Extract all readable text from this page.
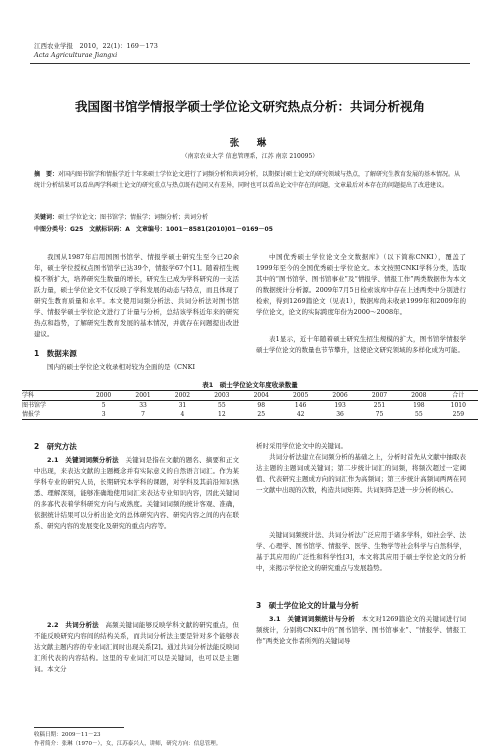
江西农业学报　2010，22(1)：169－173
Acta Agriculturae Jiangxi
我国图书馆学情报学硕士学位论文研究热点分析：共词分析视角
张　琳
（南京农业大学 信息管理系，江苏 南京 210095）
摘　要：对国内图书馆学和情报学近十年来硕士学位论文进行了词频分析和共词分析，以期探讨硕士论文的研究领域与热点，了解研究生教育发展的基本情况。从统计分析结果可以看出两学科硕士论文的研究重点与热点既有趋同又有差异，同时也可以看出论文中存在的问题，文章最后对本存在的问题提出了改进建议。
关键词：硕士学位论文；图书馆学；情报学；词频分析；共词分析
中图分类号：G25　文献标识码：A　文章编号：1001－8581(2010)01－0169－05
我国从1987年启用国图书馆学、情报学硕士研究生至今已20余年，硕士学位授权点图书馆学已达39个，情报学67个[1]。随着招生规模不断扩大，培养研究生数量的增长，研究生已成为学科研究的一支活跃力量，硕士学位论文不仅反映了学科发展的动态与特点，而且体现了研究生教育质量和水平。本文使用词频分析法、共词分析法对图书馆学、情报学硕士学位论文进行了计量与分析，总结该学科近年来的研究热点和趋势，了解研究生教育发展的基本情况，并就存在问题提出改进建议。
1　数据来源
国内的硕士学位论文收录相对较为全面的是《CNKI
中国优秀硕士学位论文全文数据库》（以下简称CNKI），覆盖了1999年至今的全国优秀硕士学位论文。本文按照CNKI学科分类，选取其中的“图书馆学、图书馆事业”及“情报学、情报工作”两类数据作为本文的数据统计分析源。2009年7月5日检索该库中存在上述两类中分别进行检索，得到1269篇论文（见表1），数据库尚未收录1999年和2009年的学位论文，论文的实际跨度年份为2000～2008年。
表1显示，近十年随着硕士研究生招生规模的扩大，图书馆学情报学硕士学位论文的数量也节节攀升，这使论文研究领域的多样化成为可能。
表1　硕士学位论文年度收录数量
学科	2000	2001	2002	2003	2004	2005	2006	2007	2008	合计
图书馆学	5	33	31	55	98	146	193	251	198	1010
情报学	3	7	4	12	25	42	36	75	55	259
2　研究方法
2.1　关键词词频分析法　 关键词是指在文献的题名、摘要和正文中出现，来表达文献的主题概念并有实际意义的自然语言词汇。作为某学科专业的研究人员，长期研究本学科的课题，对学科及其前沿知识熟悉、理解深刻，能够准确地使用词汇来表达专业知识内容，因此关键词的多寡代表着学科研究方向与成熟度。关键词词频的统计客观、准确，依据统计结果可以分析出论文的总体研究内容、研究内容之间的内在联系、研究内容的发展变化及研究的重点内容等。
2.2　共词分析法　 高频关键词能够反映学科文献的研究重点，但不能反映研究内容间的结构关系，而共词分析法主要是针对多个能够表达文献主题内容的专业词汇间时出现关系[2]。通过共词分析法能反映词汇所代表的内容结构。这里的专业词汇可以是关键词，也可以是主题词。本文分
析时采用学位论文中的关键词。
共词分析法建立在词频分析的基础之上，分析时首先从文献中抽取表达主题的主题词或关键词；第二步统计词汇的词频，将频次超过一定阈值、代表研究主题成方向的词汇作为高频词；第三步统计高频词两两在同一文献中出现的次数，构造共词矩阵。共词矩阵是进一步分析的核心。
关键词词频统计法、共词分析法广泛应用于诸多学科，如社会学、法学、心理学、图书馆学、情报学、医学、生物学等社会科学与自然科学，基于其应用的广泛性和科学性[3]，本文将其应用于硕士学位论文的分析中，来揭示学位论文的研究重点与发展趋势。
3　硕士学位论文的计量与分析
3.1　关键词词频统计与分析　 本文对1269篇论文的关键词进行词频统计，分别将CNKI中的“图书馆学、图书馆事业”、“情报学、情报工作”两类论文作者所列的关键词导
收稿日期：2009－11－23
作者简介：张琳（1970－），女，江苏泰兴人，讲师，研究方向：信息管理。
